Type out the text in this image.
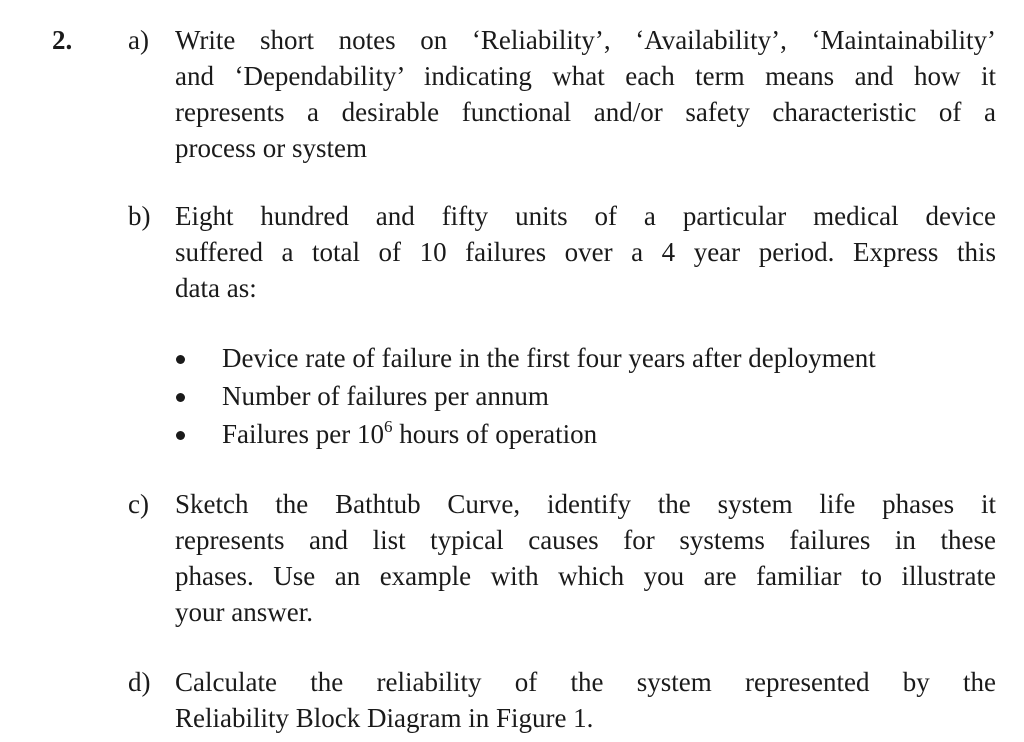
2. a) Write short notes on ‘Reliability’, ‘Availability’, ‘Maintainability’
and ‘Dependability’ indicating what each term means and how it
represents a desirable functional and/or safety characteristic of a
process or system
b) Eight hundred and fifty units of a particular medical device
suffered a total of 10 failures over a 4 year period. Express this
data as:
Device rate of failure in the first four years after deployment
Number of failures per annum
Failures per $10^6$ hours of operation
c) Sketch the Bathtub Curve, identify the system life phases it
represents and list typical causes for systems failures in these
phases. Use an example with which you are familiar to illustrate
your answer.
d) Calculate the reliability of the system represented by the
Reliability Block Diagram in Figure 1.
